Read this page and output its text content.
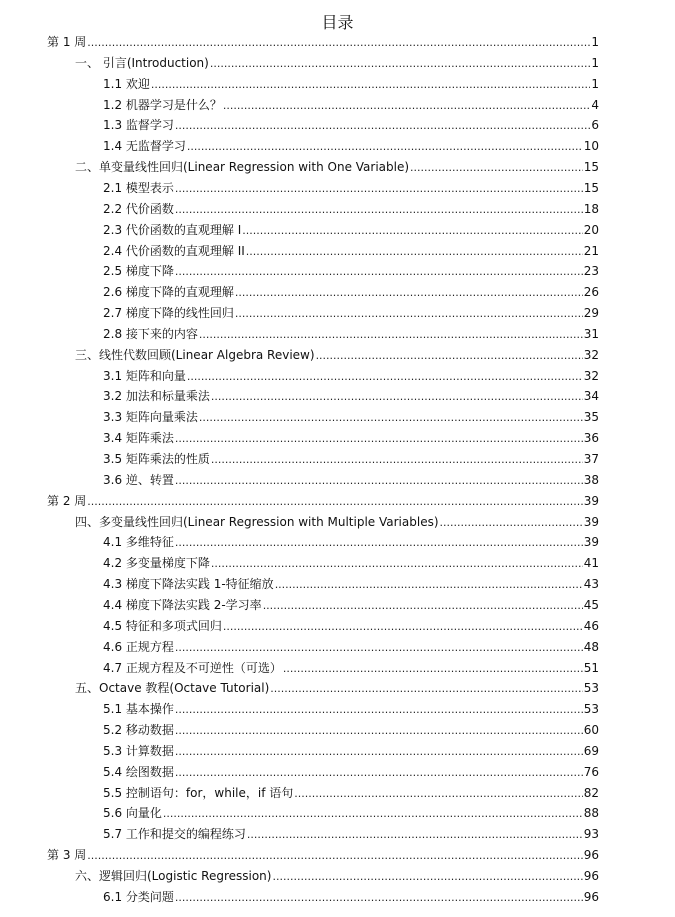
目录
第 1 周 .....	1
一、 引言(Introduction) .....	1
1.1 欢迎 .....	1
1.2 机器学习是什么？ .....	4
1.3 监督学习 .....	6
1.4 无监督学习 .....	10
二、单变量线性回归(Linear Regression with One Variable) .....	15
2.1 模型表示 .....	15
2.2 代价函数 .....	18
2.3 代价函数的直观理解 I .....	20
2.4 代价函数的直观理解 II .....	21
2.5 梯度下降 .....	23
2.6 梯度下降的直观理解 .....	26
2.7 梯度下降的线性回归 .....	29
2.8 接下来的内容 .....	31
三、线性代数回顾(Linear Algebra Review) .....	32
3.1 矩阵和向量 .....	32
3.2 加法和标量乘法 .....	34
3.3 矩阵向量乘法 .....	35
3.4 矩阵乘法 .....	36
3.5 矩阵乘法的性质 .....	37
3.6 逆、转置 .....	38
第 2 周 .....	39
四、多变量线性回归(Linear Regression with Multiple Variables) .....	39
4.1 多维特征 .....	39
4.2 多变量梯度下降 .....	41
4.3 梯度下降法实践 1-特征缩放 .....	43
4.4 梯度下降法实践 2-学习率 .....	45
4.5 特征和多项式回归 .....	46
4.6 正规方程 .....	48
4.7 正规方程及不可逆性（可选） .....	51
五、Octave 教程(Octave Tutorial) .....	53
5.1 基本操作 .....	53
5.2 移动数据 .....	60
5.3 计算数据 .....	69
5.4 绘图数据 .....	76
5.5 控制语句：for，while，if 语句 .....	82
5.6 向量化 .....	88
5.7 工作和提交的编程练习 .....	93
第 3 周 .....	96
六、逻辑回归(Logistic Regression) .....	96
6.1 分类问题 .....	96
